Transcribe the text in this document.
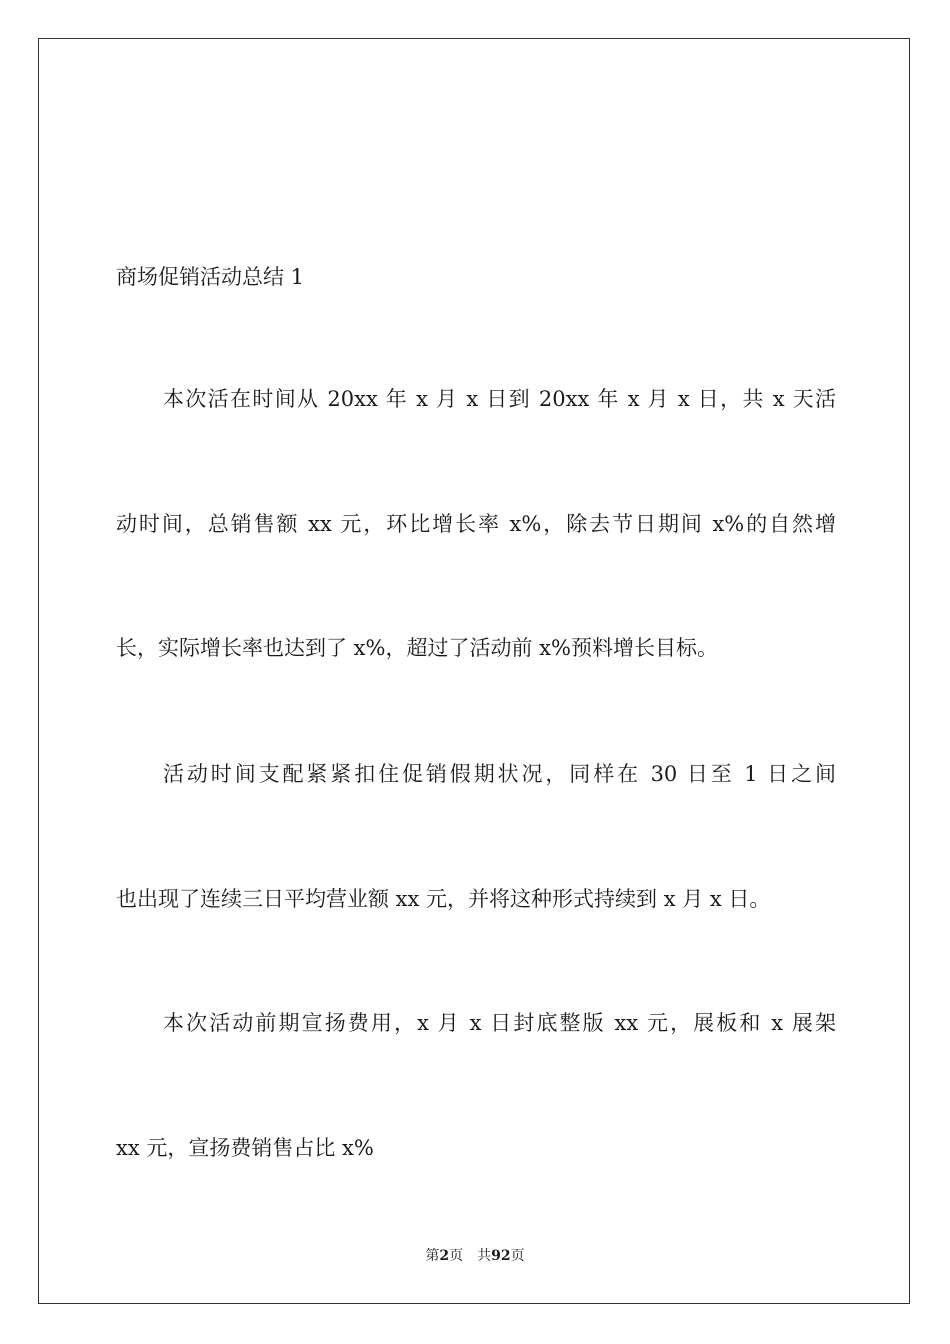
商场促销活动总结 1
本次活在时间从 20xx 年 x 月 x 日到 20xx 年 x 月 x 日，共 x 天活
动时间，总销售额 xx 元，环比增长率 x%，除去节日期间 x%的自然增
长，实际增长率也达到了 x%，超过了活动前 x%预料增长目标。
活动时间支配紧紧扣住促销假期状况，同样在 30 日至 1 日之间
也出现了连续三日平均营业额 xx 元，并将这种形式持续到 x 月 x 日。
本次活动前期宣扬费用，x 月 x 日封底整版 xx 元，展板和 x 展架
xx 元，宣扬费销售占比 x%
第2页 共92页
